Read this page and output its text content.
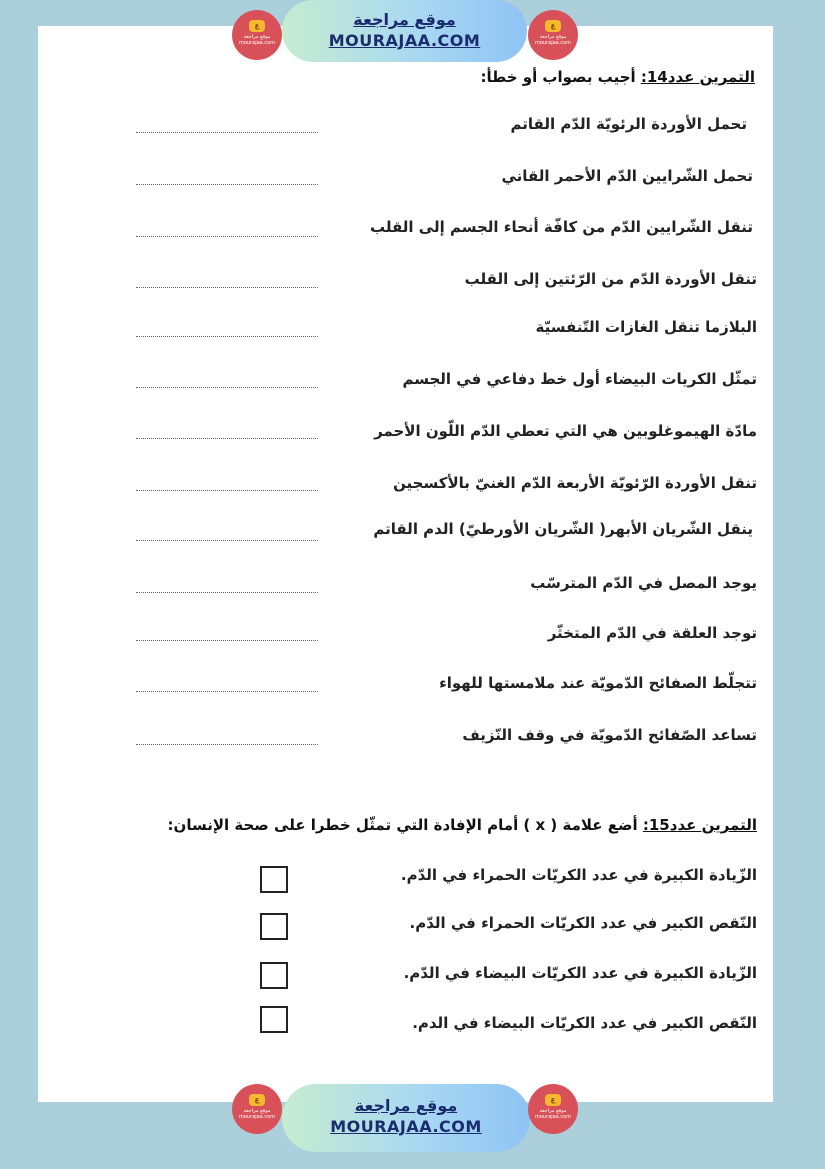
ع
موقع مراجعة
mourajaa.com
موقع مراجعة
MOURAJAA.COM
ع
موقع مراجعة
mourajaa.com
التمرين عدد14: أجيب بصواب أو خطأ:
تحمل الأوردة الرئويّة الدّم القاتم
تحمل الشّرايين الدّم الأحمر القاني
تنقل الشّرايين الدّم من كافّة أنحاء الجسم إلى القلب
تنقل الأوردة الدّم من الرّئتين إلى القلب
البلازما تنقل الغازات التّنفسيّة
تمثّل الكريات البيضاء أول خط دفاعي في الجسم
مادّة الهيموغلوبين هي التي تعطي الدّم اللّون الأحمر
تنقل الأوردة الرّئويّة الأربعة الدّم الغنيّ بالأكسجين
ينقل الشّريان الأبهر( الشّريان الأورطيّ) الدم القاتم
يوجد المصل في الدّم المترسّب
توجد العلقة في الدّم المتخثّر
تتجلّط الصفائح الدّمويّة عند ملامستها للهواء
تساعد الصّفائح الدّمويّة في وقف النّزيف
التمرين عدد15: أضع علامة ( x ) أمام الإفادة التي تمثّل خطرا على صحة الإنسان:
الزّيادة الكبيرة في عدد الكريّات الحمراء في الدّم.
النّقص الكبير في عدد الكريّات الحمراء في الدّم.
الزّيادة الكبيرة في عدد الكريّات البيضاء في الدّم.
النّقص الكبير في عدد الكريّات البيضاء في الدم.
ع
موقع مراجعة
mourajaa.com
موقع مراجعة
MOURAJAA.COM
ع
موقع مراجعة
mourajaa.com
